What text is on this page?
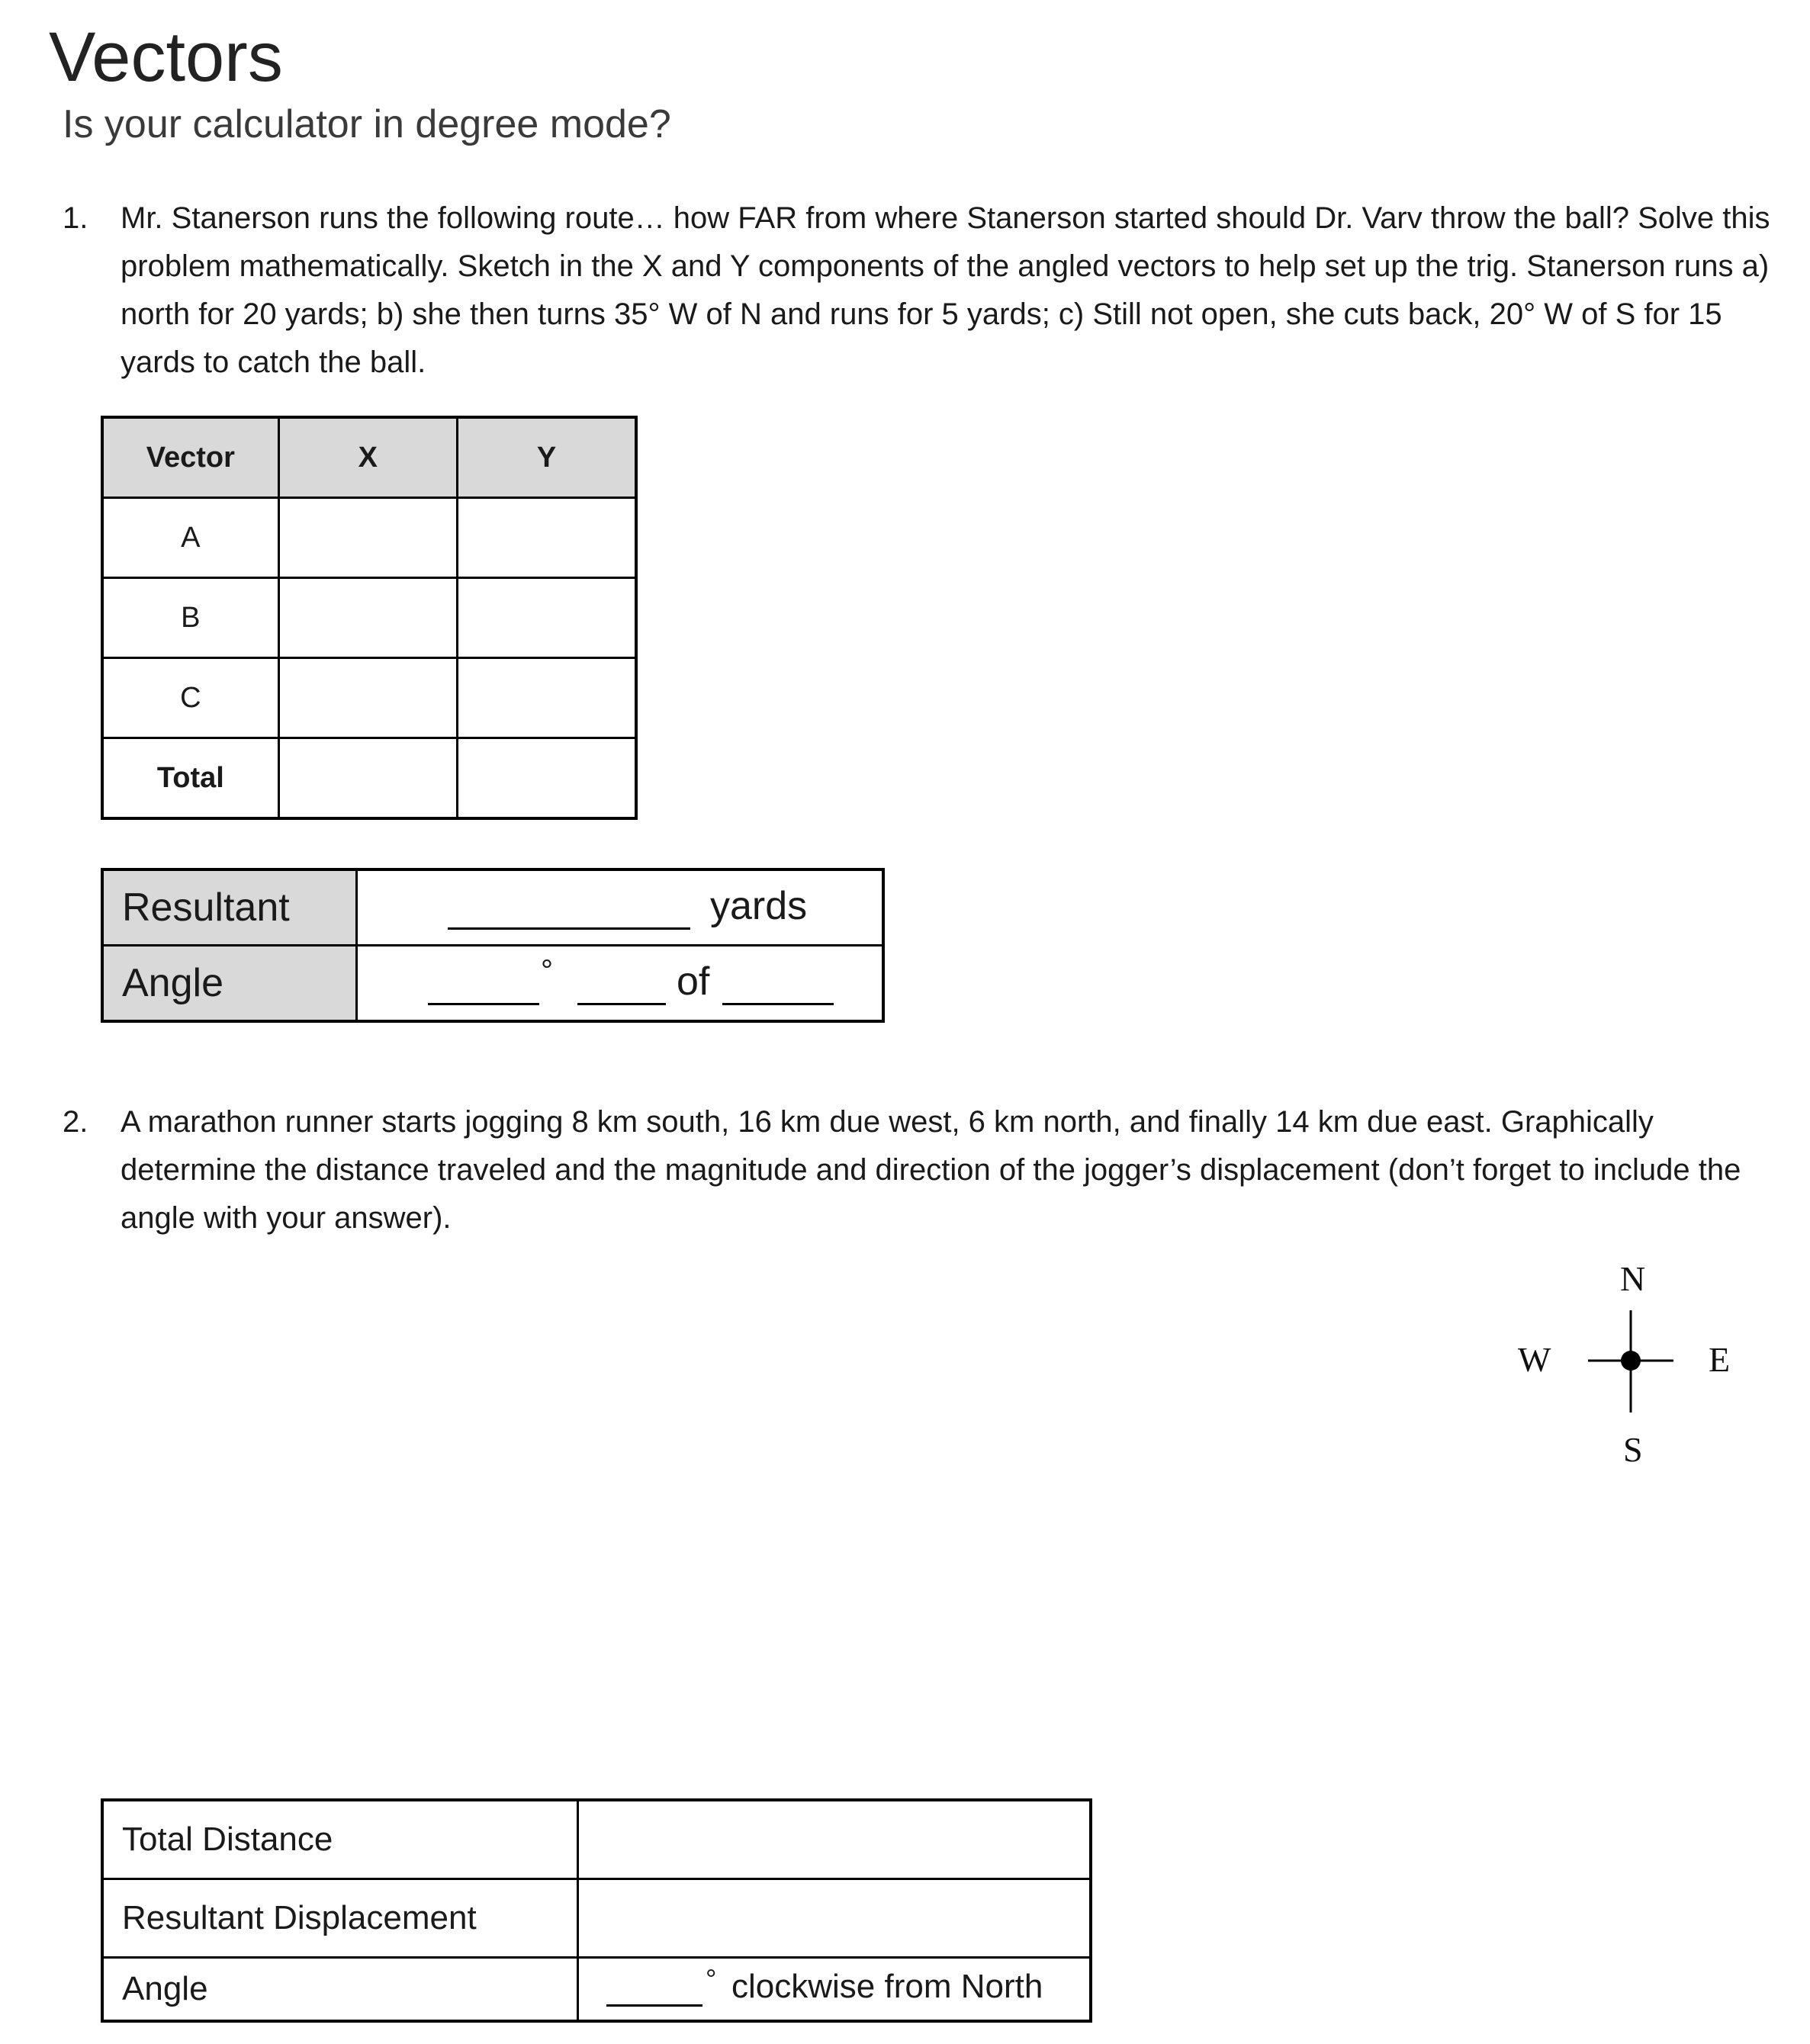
Vectors
Is your calculator in degree mode?
1. Mr. Stanerson runs the following route… how FAR from where Stanerson started should Dr. Varv throw the ball? Solve this problem mathematically. Sketch in the X and Y components of the angled vectors to help set up the trig. Stanerson runs a) north for 20 yards; b) she then turns 35° W of N and runs for 5 yards; c) Still not open, she cuts back, 20° W of S for 15 yards to catch the ball.
Vector	X	Y
A		
B		
C		
Total		
Resultant	yards

Angle	° of
2. A marathon runner starts jogging 8 km south, 16 km due west, 6 km north, and finally 14 km due east. Graphically determine the distance traveled and the magnitude and direction of the jogger’s displacement (don’t forget to include the angle with your answer).
N
W	E
S
Total Distance	
Resultant Displacement	
Angle	° clockwise from North
